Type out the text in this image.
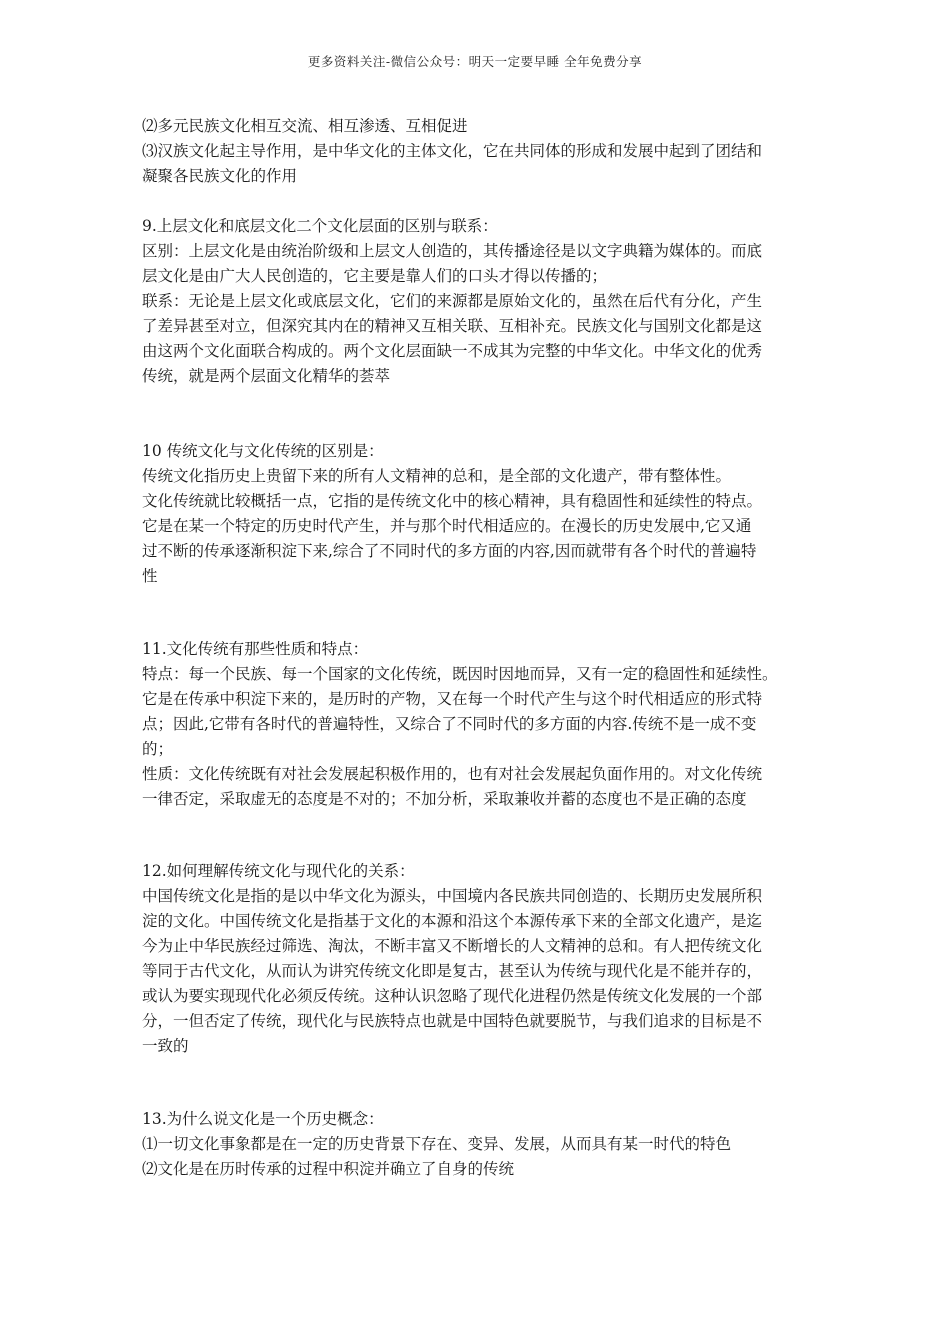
更多资料关注-微信公众号：明天一定要早睡 全年免费分享
⑵多元民族文化相互交流、相互渗透、互相促进
⑶汉族文化起主导作用，是中华文化的主体文化，它在共同体的形成和发展中起到了团结和
凝聚各民族文化的作用
9.上层文化和底层文化二个文化层面的区别与联系：
区别：上层文化是由统治阶级和上层文人创造的，其传播途径是以文字典籍为媒体的。而底
层文化是由广大人民创造的，它主要是靠人们的口头才得以传播的；
联系：无论是上层文化或底层文化，它们的来源都是原始文化的，虽然在后代有分化，产生
了差异甚至对立，但深究其内在的精神又互相关联、互相补充。民族文化与国别文化都是这
由这两个文化面联合构成的。两个文化层面缺一不成其为完整的中华文化。中华文化的优秀
传统，就是两个层面文化精华的荟萃
10 传统文化与文化传统的区别是：
传统文化指历史上贵留下来的所有人文精神的总和，是全部的文化遗产，带有整体性。
文化传统就比较概括一点，它指的是传统文化中的核心精神，具有稳固性和延续性的特点。
它是在某一个特定的历史时代产生，并与那个时代相适应的。在漫长的历史发展中,它又通
过不断的传承逐渐积淀下来,综合了不同时代的多方面的内容,因而就带有各个时代的普遍特
性
11.文化传统有那些性质和特点：
特点：每一个民族、每一个国家的文化传统，既因时因地而异，又有一定的稳固性和延续性。
它是在传承中积淀下来的，是历时的产物，又在每一个时代产生与这个时代相适应的形式特
点；因此,它带有各时代的普遍特性，又综合了不同时代的多方面的内容.传统不是一成不变
的；
性质：文化传统既有对社会发展起积极作用的，也有对社会发展起负面作用的。对文化传统
一律否定，采取虚无的态度是不对的；不加分析，采取兼收并蓄的态度也不是正确的态度
12.如何理解传统文化与现代化的关系：
中国传统文化是指的是以中华文化为源头，中国境内各民族共同创造的、长期历史发展所积
淀的文化。中国传统文化是指基于文化的本源和沿这个本源传承下来的全部文化遗产，是迄
今为止中华民族经过筛选、淘汰，不断丰富又不断增长的人文精神的总和。有人把传统文化
等同于古代文化，从而认为讲究传统文化即是复古，甚至认为传统与现代化是不能并存的，
或认为要实现现代化必须反传统。这种认识忽略了现代化进程仍然是传统文化发展的一个部
分，一但否定了传统，现代化与民族特点也就是中国特色就要脱节，与我们追求的目标是不
一致的
13.为什么说文化是一个历史概念：
⑴一切文化事象都是在一定的历史背景下存在、变异、发展，从而具有某一时代的特色
⑵文化是在历时传承的过程中积淀并确立了自身的传统
